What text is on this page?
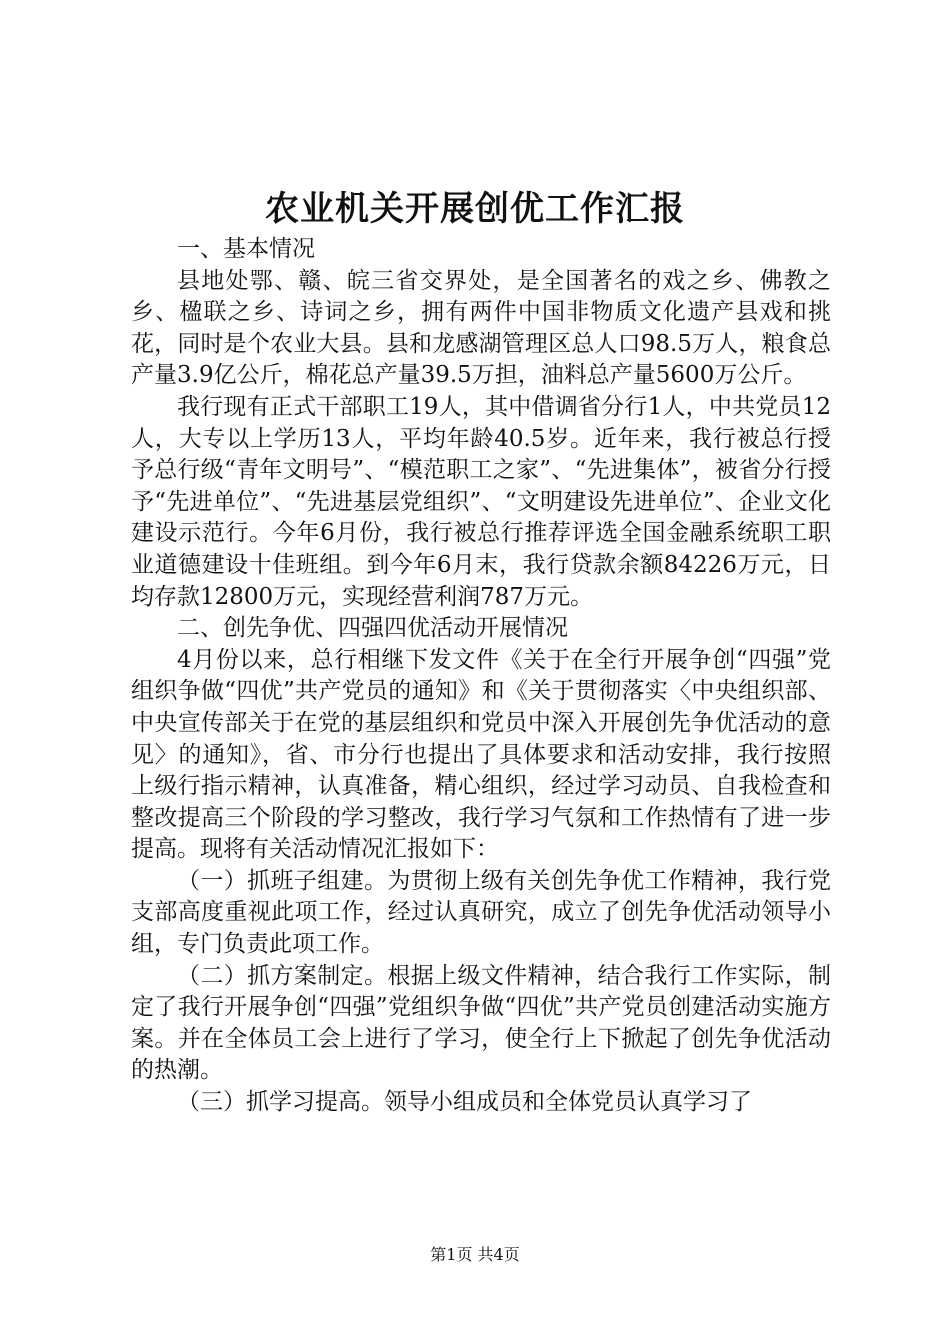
农业机关开展创优工作汇报

一、基本情况

县地处鄂、赣、皖三省交界处，是全国著名的戏之乡、佛教之乡、楹联之乡、诗词之乡，拥有两件中国非物质文化遗产县戏和挑花，同时是个农业大县。县和龙感湖管理区总人口98.5万人，粮食总产量3.9亿公斤，棉花总产量39.5万担，油料总产量5600万公斤。

我行现有正式干部职工19人，其中借调省分行1人，中共党员12人，大专以上学历13人，平均年龄40.5岁。近年来，我行被总行授予总行级“青年文明号”、“模范职工之家”、“先进集体”，被省分行授予“先进单位”、“先进基层党组织”、“文明建设先进单位”、企业文化建设示范行。今年6月份，我行被总行推荐评选全国金融系统职工职业道德建设十佳班组。到今年6月末，我行贷款余额84226万元，日均存款12800万元，实现经营利润787万元。

二、创先争优、四强四优活动开展情况

4月份以来，总行相继下发文件《关于在全行开展争创“四强”党组织争做“四优”共产党员的通知》和《关于贯彻落实〈中央组织部、中央宣传部关于在党的基层组织和党员中深入开展创先争优活动的意见〉的通知》，省、市分行也提出了具体要求和活动安排，我行按照上级行指示精神，认真准备，精心组织，经过学习动员、自我检查和整改提高三个阶段的学习整改，我行学习气氛和工作热情有了进一步提高。现将有关活动情况汇报如下：

（一）抓班子组建。为贯彻上级有关创先争优工作精神，我行党支部高度重视此项工作，经过认真研究，成立了创先争优活动领导小组，专门负责此项工作。

（二）抓方案制定。根据上级文件精神，结合我行工作实际，制定了我行开展争创“四强”党组织争做“四优”共产党员创建活动实施方案。并在全体员工会上进行了学习，使全行上下掀起了创先争优活动的热潮。

（三）抓学习提高。领导小组成员和全体党员认真学习了

第1页 共4页
